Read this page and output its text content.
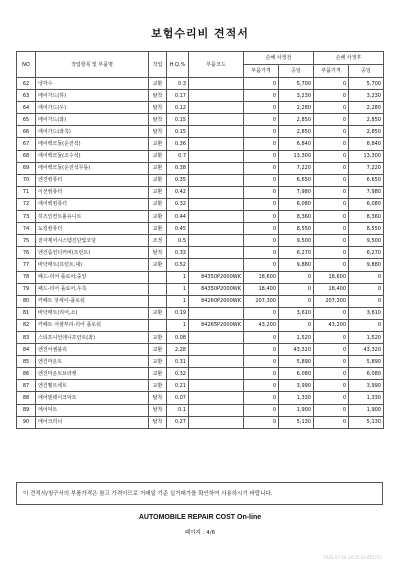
보험수리비 견적서
NO	작업항목 및 부품명	작업	H.Q.%	부품코드	손해 사정전		손해 사정후	
					부품가격	공임	부품가격	공임
62	냉각수	교환	0.3		0	5,700	0	5,700
63	에어가드(하)	탈착	0.17		0	3,230	0	3,230
64	에어가드(우)	탈착	0.12		0	2,280	0	2,280
65	에어가드(좌)	탈착	0.15		0	2,850	0	2,850
66	에어가드(좌측)	탈착	0.15		0	2,850	0	2,850
67	에어백모듈(운전석)	교환	0.36		0	6,840	0	6,840
68	에어백모듈(조수석)	교환	0.7		0	13,300	0	13,300
69	에어백모듈(운전석무릎)	교환	0.38		0	7,220	0	7,220
70	엔진컴퓨터	교환	0.35		0	6,650	0	6,650
71	이션컴퓨터	교환	0.42		0	7,980	0	7,980
72	에어백컴퓨터	교환	0.32		0	6,080	0	6,080
73	히즈인컨트롤유니트	교환	0.44		0	8,360	0	8,360
74	도킹컴퓨터	교환	0.45		0	8,550	0	8,550
75	전자제어시스템진단및코딩	조정	0.5		0	9,500	0	9,500
76	엔진룸언더커버(프런트)	탈착	0.33		0	6,270	0	6,270
77	바닥매트(프런트,대)	교환	0.52		0	9,880	0	9,880
78	패드-리어 플로어,중앙		1	84350P2000WK	18,600	0	18,600	0
79	패드-리어 플로어,우측		1	84350P2000WK	18,400	0	18,400	0
80	카페트 앗세이-플로워		1	84260P2000WK	207,300	0	207,300	0
81	바닥매트(리어,소)	교환	0.19		0	3,610	0	3,610
82	카페트 어셈부리-리어 플로워		1	84265P2000WK	43,200	0	43,200	0
83	스티프니언데니프런트(좌)	교환	0.08		0	1,520	0	1,520
84	엔진어셈블리	교환	2.28		0	43,320	0	43,320
85	엔진마운트	교환	0.31		0	5,890	0	5,890
86	엔진마운트브라켓	교환	0.32		0	6,080	0	6,080
87	엔진벨트세트	교환	0.21		0	3,990	0	3,990
88	에어덴테이크덕트	탈착	0.07		0	1,330	0	1,330
89	에어덕트	탈착	0.1		0	1,900	0	1,900
90	에어크리너	탈착	0.27		0	5,130	0	5,130
이 견적서/청구서의 부품가격은 참고 가격이므로 거래일 기준 실거래가를 확인하여 사용하시기 바랍니다.
AUTOMOBILE REPAIR COST On-line
페이지 : 4/6
2025-07-16 14:35:19 KT1737
